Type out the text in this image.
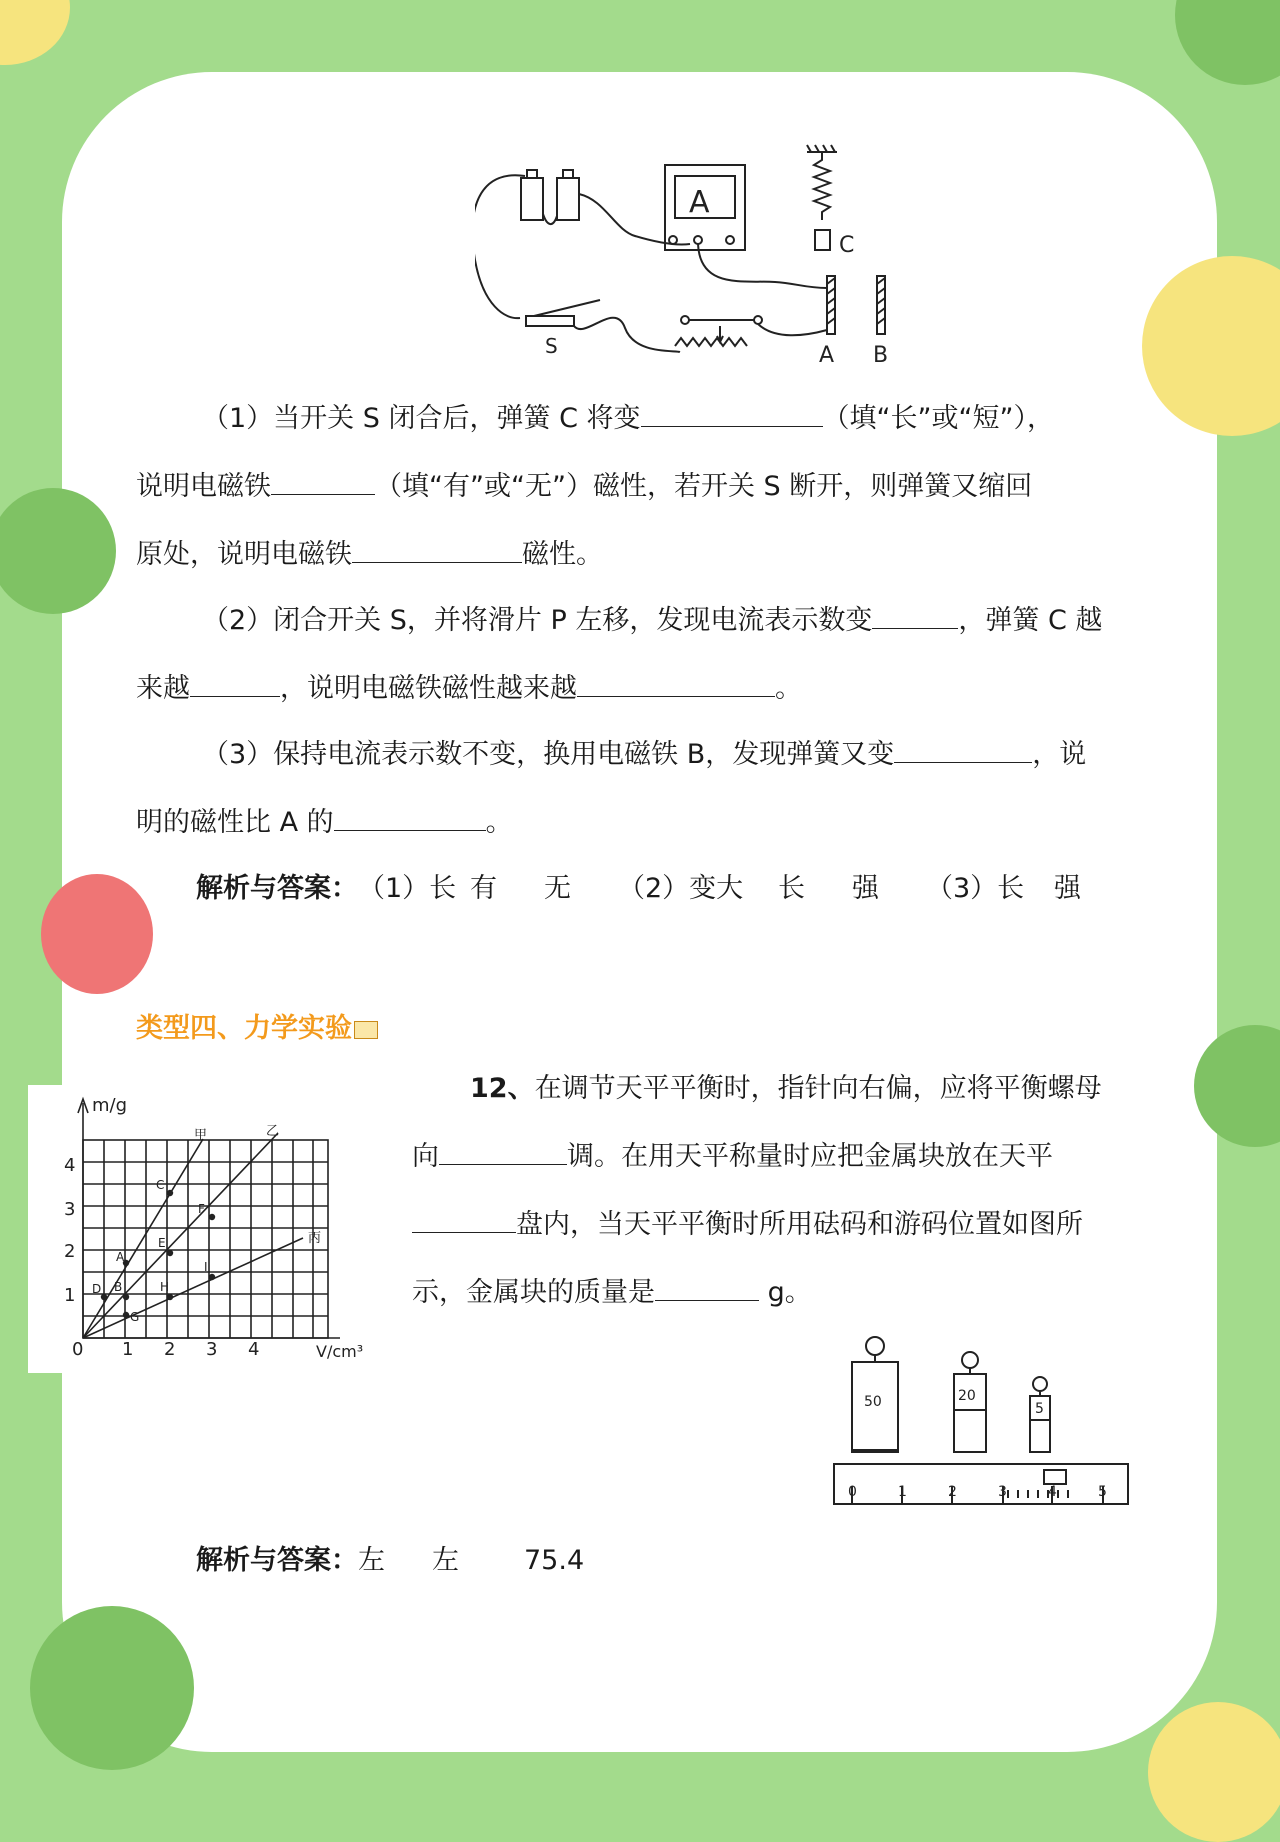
A
C
A B
S
（1）当开关 S 闭合后，弹簧 C 将变	（填“长”或“短”），
说明电磁铁	（填“有”或“无”）磁性，若开关 S 断开，则弹簧又缩回
原处，说明电磁铁	磁性。
（2）闭合开关 S，并将滑片 P 左移，发现电流表示数变	，弹簧 C 越
来越	，说明电磁铁磁性越来越	。
（3）保持电流表示数不变，换用电磁铁 B，发现弹簧又变	，说
明的磁性比 A 的	。
解析与答案：（1）长 有 无 （2）变大 长 强 （3）长 强
类型四、力学实验
m/g
V/cm³
0 1 2 3 4
1
2
3
4
甲	乙
丙
A
B
C
D
E
F
G
H
I
12、在调节天平平衡时，指针向右偏，应将平衡螺母
向	调。在用天平称量时应把金属块放在天平
盘内，当天平平衡时所用砝码和游码位置如图所
示，金属块的质量是	g。
50	20
5
0	1	2	3	4	5
解析与答案：左 左 75.4
